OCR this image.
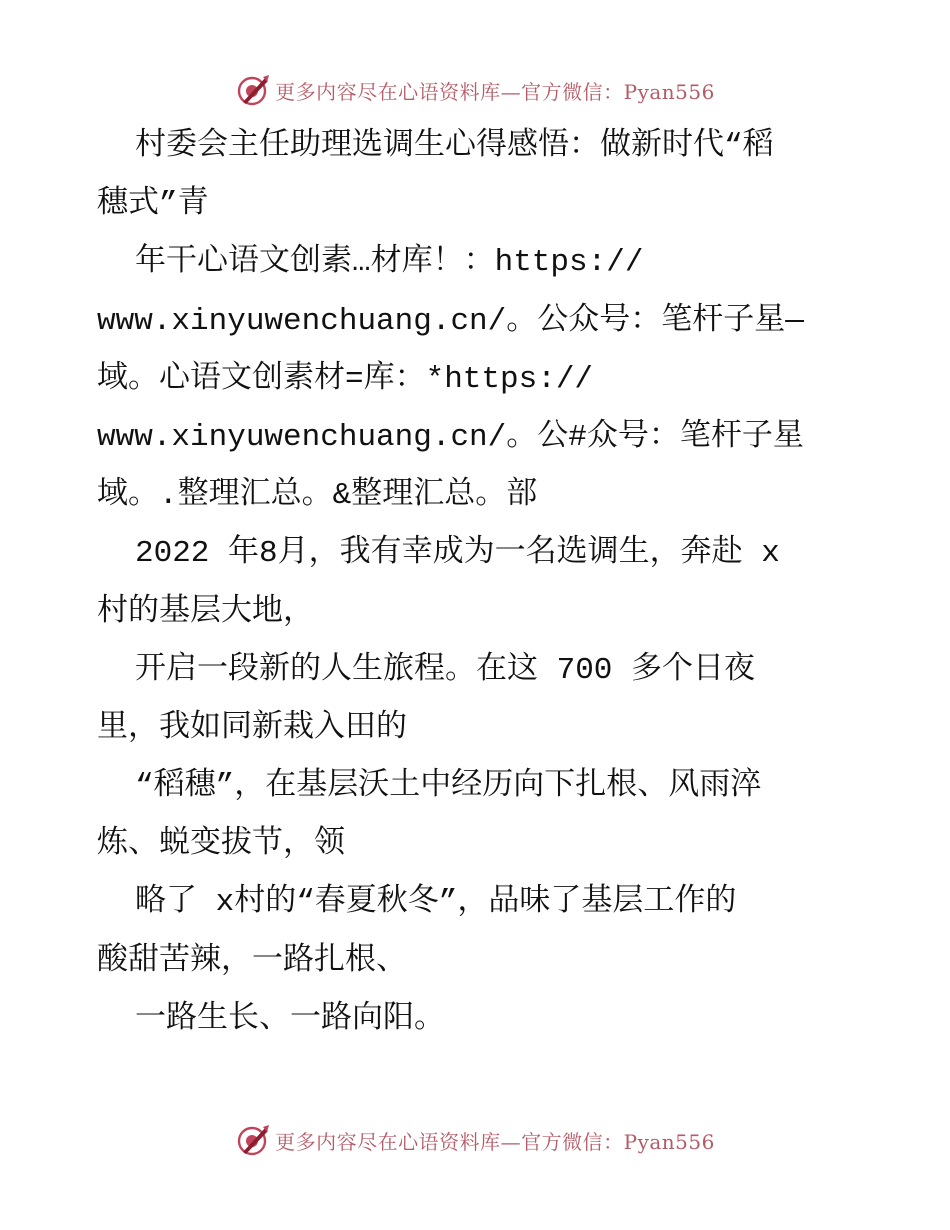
更多内容尽在心语资料库—官方微信：Pyan556
村委会主任助理选调生心得感悟：做新时代“稻
穗式”青
年干心语文创素…材库！：https://
www.xinyuwenchuang.cn/。公众号：笔杆子星—
域。心语文创素材=库：*https://
www.xinyuwenchuang.cn/。公#众号：笔杆子星
域。.整理汇总。&整理汇总。部
2022 年8月，我有幸成为一名选调生，奔赴 x
村的基层大地，
开启一段新的人生旅程。在这 700 多个日夜
里，我如同新栽入田的
“稻穗”，在基层沃土中经历向下扎根、风雨淬
炼、蜕变拔节，领
略了 x村的“春夏秋冬”，品味了基层工作的
酸甜苦辣，一路扎根、
一路生长、一路向阳。
更多内容尽在心语资料库—官方微信：Pyan556
